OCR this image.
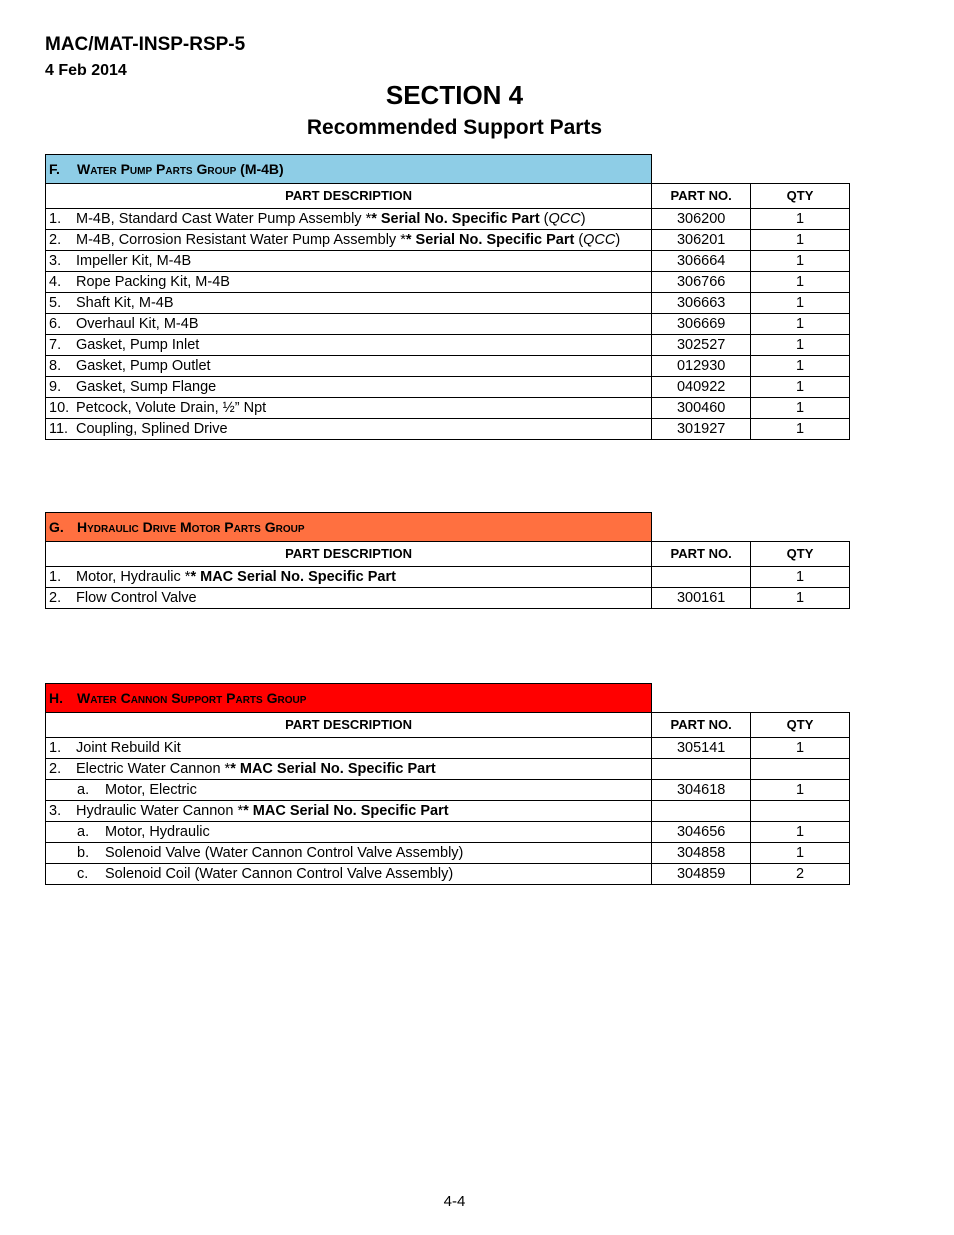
MAC/MAT-INSP-RSP-5
4 Feb 2014
SECTION 4
Recommended Support Parts
F. Water Pump Parts Group (M-4B)		
PART DESCRIPTION	PART NO.	QTY
1. M-4B, Standard Cast Water Pump Assembly ** Serial No. Specific Part (QCC)	306200	1
2. M-4B, Corrosion Resistant Water Pump Assembly ** Serial No. Specific Part (QCC)	306201	1
3. Impeller Kit, M-4B	306664	1
4. Rope Packing Kit, M-4B	306766	1
5. Shaft Kit, M-4B	306663	1
6. Overhaul Kit, M-4B	306669	1
7. Gasket, Pump Inlet	302527	1
8. Gasket, Pump Outlet	012930	1
9. Gasket, Sump Flange	040922	1
10. Petcock, Volute Drain, ½” Npt	300460	1
11. Coupling, Splined Drive	301927	1
G. Hydraulic Drive Motor Parts Group		
PART DESCRIPTION	PART NO.	QTY
1. Motor, Hydraulic ** MAC Serial No. Specific Part		1
2. Flow Control Valve	300161	1
H. Water Cannon Support Parts Group		
PART DESCRIPTION	PART NO.	QTY
1. Joint Rebuild Kit	305141	1
2. Electric Water Cannon ** MAC Serial No. Specific Part		
a. Motor, Electric	304618	1
3. Hydraulic Water Cannon ** MAC Serial No. Specific Part		
a. Motor, Hydraulic	304656	1
b. Solenoid Valve (Water Cannon Control Valve Assembly)	304858	1
c. Solenoid Coil (Water Cannon Control Valve Assembly)	304859	2
4-4
